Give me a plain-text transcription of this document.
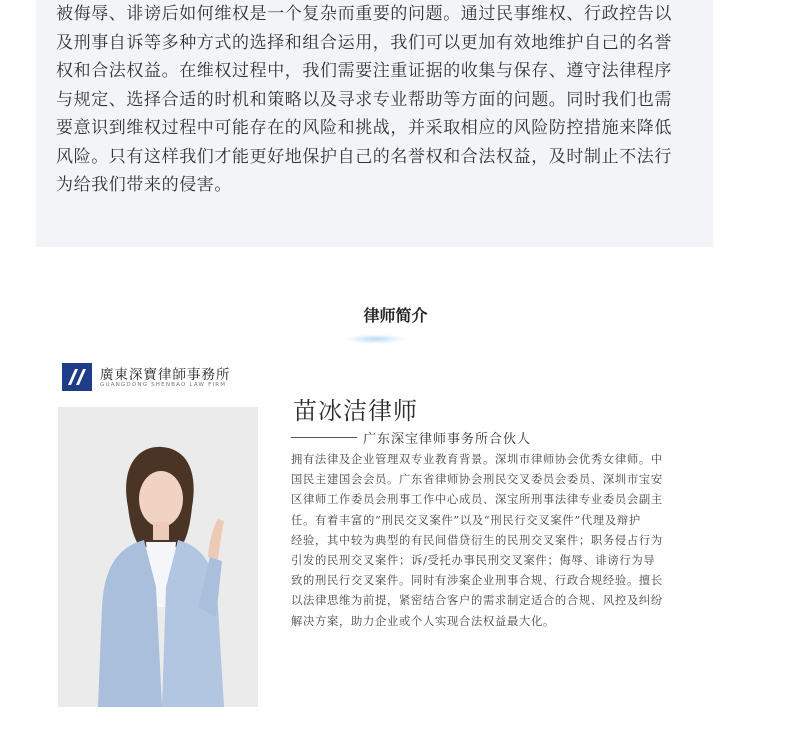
被侮辱、诽谤后如何维权是一个复杂而重要的问题。通过民事维权、行政控告以
及刑事自诉等多种方式的选择和组合运用，我们可以更加有效地维护自己的名誉
权和合法权益。在维权过程中，我们需要注重证据的收集与保存、遵守法律程序
与规定、选择合适的时机和策略以及寻求专业帮助等方面的问题。同时我们也需
要意识到维权过程中可能存在的风险和挑战，并采取相应的风险防控措施来降低
风险。只有这样我们才能更好地保护自己的名誉权和合法权益，及时制止不法行
为给我们带来的侵害。
律师简介
廣東深寶律師事務所
GUANGDONG SHENBAO LAW FIRM
苗冰洁律师
广东深宝律师事务所合伙人
拥有法律及企业管理双专业教育背景。深圳市律师协会优秀女律师。中
国民主建国会会员。广东省律师协会刑民交叉委员会委员、深圳市宝安
区律师工作委员会刑事工作中心成员、深宝所刑事法律专业委员会副主
任。有着丰富的“刑民交叉案件”以及“刑民行交叉案件”代理及辩护
经验，其中较为典型的有民间借贷衍生的民刑交叉案件；职务侵占行为
引发的民刑交叉案件；诉/受托办事民刑交叉案件；侮辱、诽谤行为导
致的刑民行交叉案件。同时有涉案企业刑事合规、行政合规经验。擅长
以法律思维为前提，紧密结合客户的需求制定适合的合规、风控及纠纷
解决方案，助力企业或个人实现合法权益最大化。
